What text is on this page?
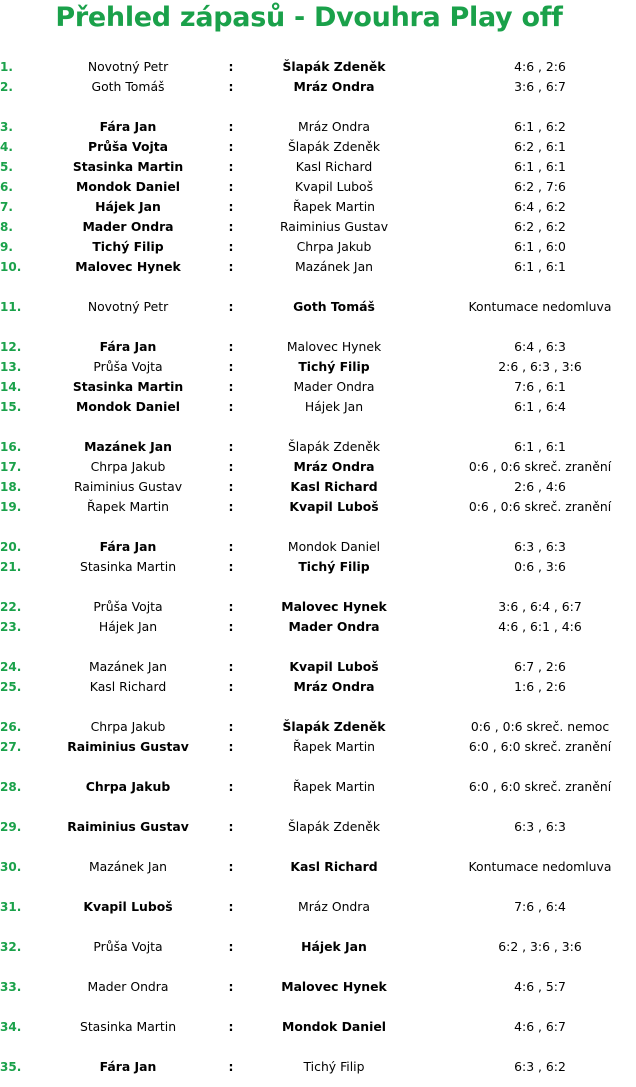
Přehled zápasů - Dvouhra Play off
1.	Novotný Petr	:	Šlapák Zdeněk	4:6 , 2:6
2.	Goth Tomáš	:	Mráz Ondra	3:6 , 6:7
3.	Fára Jan	:	Mráz Ondra	6:1 , 6:2
4.	Průša Vojta	:	Šlapák Zdeněk	6:2 , 6:1
5.	Stasinka Martin	:	Kasl Richard	6:1 , 6:1
6.	Mondok Daniel	:	Kvapil Luboš	6:2 , 7:6
7.	Hájek Jan	:	Řapek Martin	6:4 , 6:2
8.	Mader Ondra	:	Raiminius Gustav	6:2 , 6:2
9.	Tichý Filip	:	Chrpa Jakub	6:1 , 6:0
10.	Malovec Hynek	:	Mazánek Jan	6:1 , 6:1
11.	Novotný Petr	:	Goth Tomáš	Kontumace nedomluva
12.	Fára Jan	:	Malovec Hynek	6:4 , 6:3
13.	Průša Vojta	:	Tichý Filip	2:6 , 6:3 , 3:6
14.	Stasinka Martin	:	Mader Ondra	7:6 , 6:1
15.	Mondok Daniel	:	Hájek Jan	6:1 , 6:4
16.	Mazánek Jan	:	Šlapák Zdeněk	6:1 , 6:1
17.	Chrpa Jakub	:	Mráz Ondra	0:6 , 0:6 skreč. zranění
18.	Raiminius Gustav	:	Kasl Richard	2:6 , 4:6
19.	Řapek Martin	:	Kvapil Luboš	0:6 , 0:6 skreč. zranění
20.	Fára Jan	:	Mondok Daniel	6:3 , 6:3
21.	Stasinka Martin	:	Tichý Filip	0:6 , 3:6
22.	Průša Vojta	:	Malovec Hynek	3:6 , 6:4 , 6:7
23.	Hájek Jan	:	Mader Ondra	4:6 , 6:1 , 4:6
24.	Mazánek Jan	:	Kvapil Luboš	6:7 , 2:6
25.	Kasl Richard	:	Mráz Ondra	1:6 , 2:6
26.	Chrpa Jakub	:	Šlapák Zdeněk	0:6 , 0:6 skreč. nemoc
27.	Raiminius Gustav	:	Řapek Martin	6:0 , 6:0 skreč. zranění
28.	Chrpa Jakub	:	Řapek Martin	6:0 , 6:0 skreč. zranění
29.	Raiminius Gustav	:	Šlapák Zdeněk	6:3 , 6:3
30.	Mazánek Jan	:	Kasl Richard	Kontumace nedomluva
31.	Kvapil Luboš	:	Mráz Ondra	7:6 , 6:4
32.	Průša Vojta	:	Hájek Jan	6:2 , 3:6 , 3:6
33.	Mader Ondra	:	Malovec Hynek	4:6 , 5:7
34.	Stasinka Martin	:	Mondok Daniel	4:6 , 6:7
35.	Fára Jan	:	Tichý Filip	6:3 , 6:2
